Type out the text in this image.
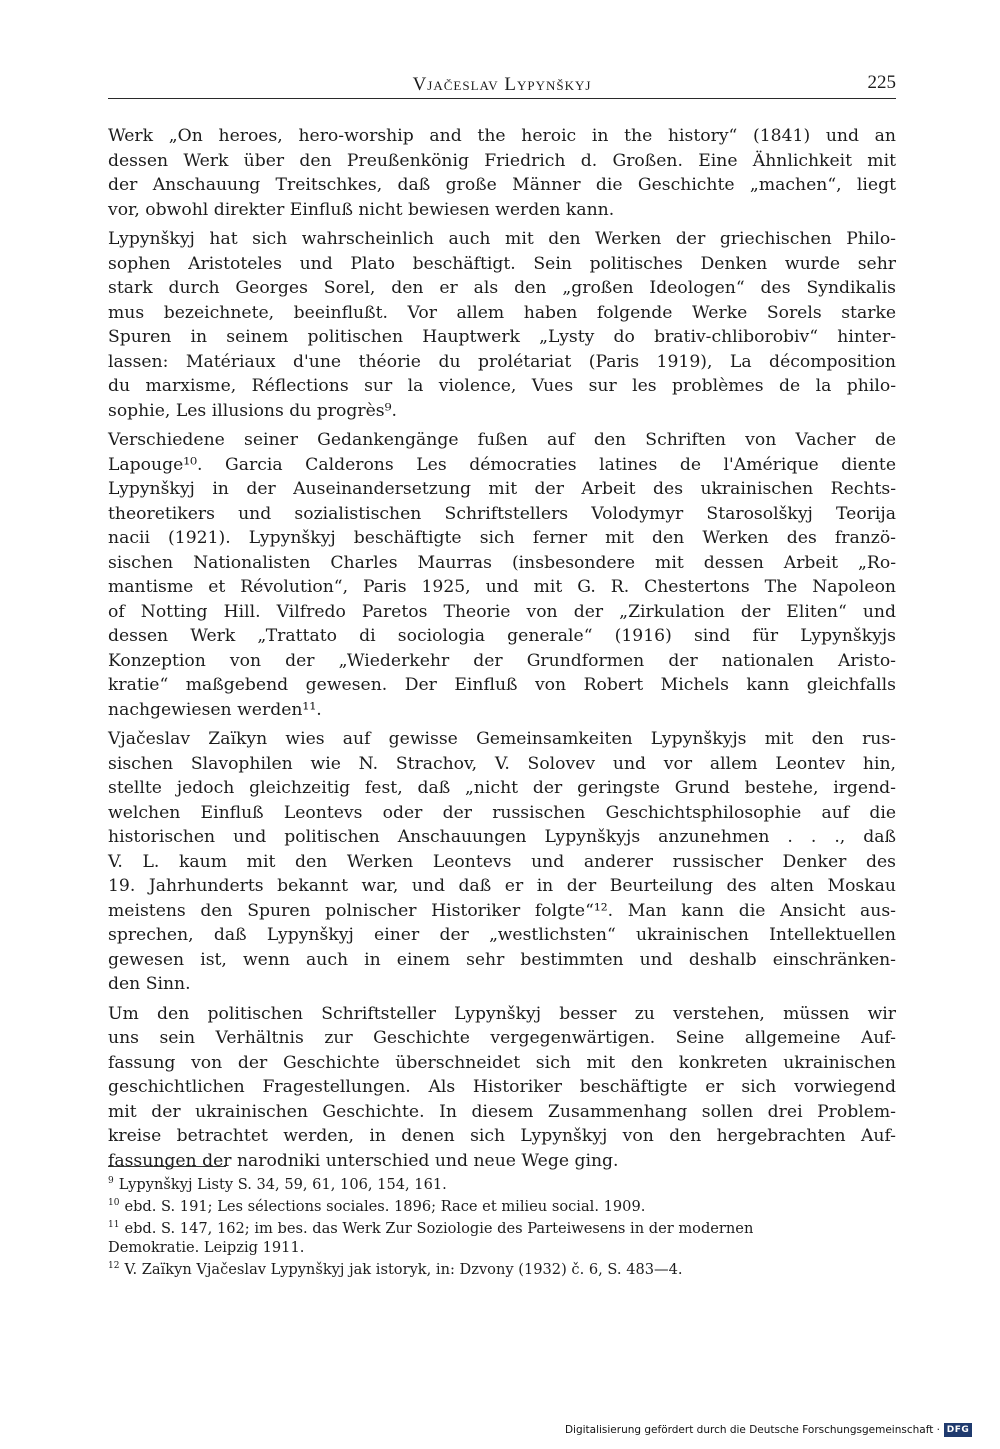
Vjačeslav Lypynškyj	225
Werk „On heroes, hero-worship and the heroic in the history“ (1841) und an
dessen Werk über den Preußenkönig Friedrich d. Großen. Eine Ähnlichkeit mit
der Anschauung Treitschkes, daß große Männer die Geschichte „machen“, liegt
vor, obwohl direkter Einfluß nicht bewiesen werden kann.
Lypynškyj hat sich wahrscheinlich auch mit den Werken der griechischen Philo-
sophen Aristoteles und Plato beschäftigt. Sein politisches Denken wurde sehr
stark durch Georges Sorel, den er als den „großen Ideologen“ des Syndikalis
mus bezeichnete, beeinflußt. Vor allem haben folgende Werke Sorels starke
Spuren in seinem politischen Hauptwerk „Lysty do brativ-chliborobiv“ hinter-
lassen: Matériaux d'une théorie du prolétariat (Paris 1919), La décomposition
du marxisme, Réflections sur la violence, Vues sur les problèmes de la philo-
sophie, Les illusions du progrès⁹.
Verschiedene seiner Gedankengänge fußen auf den Schriften von Vacher de
Lapouge¹⁰. Garcia Calderons Les démocraties latines de l'Amérique diente
Lypynškyj in der Auseinandersetzung mit der Arbeit des ukrainischen Rechts-
theoretikers und sozialistischen Schriftstellers Volodymyr Starosolškyj Teorija
nacii (1921). Lypynškyj beschäftigte sich ferner mit den Werken des franzö-
sischen Nationalisten Charles Maurras (insbesondere mit dessen Arbeit „Ro-
mantisme et Révolution“, Paris 1925, und mit G. R. Chestertons The Napoleon
of Notting Hill. Vilfredo Paretos Theorie von der „Zirkulation der Eliten“ und
dessen Werk „Trattato di sociologia generale“ (1916) sind für Lypynškyjs
Konzeption von der „Wiederkehr der Grundformen der nationalen Aristo-
kratie“ maßgebend gewesen. Der Einfluß von Robert Michels kann gleichfalls
nachgewiesen werden¹¹.
Vjačeslav Zaïkyn wies auf gewisse Gemeinsamkeiten Lypynškyjs mit den rus-
sischen Slavophilen wie N. Strachov, V. Solovev und vor allem Leontev hin,
stellte jedoch gleichzeitig fest, daß „nicht der geringste Grund bestehe, irgend-
welchen Einfluß Leontevs oder der russischen Geschichtsphilosophie auf die
historischen und politischen Anschauungen Lypynškyjs anzunehmen . . ., daß
V. L. kaum mit den Werken Leontevs und anderer russischer Denker des
19. Jahrhunderts bekannt war, und daß er in der Beurteilung des alten Moskau
meistens den Spuren polnischer Historiker folgte“¹². Man kann die Ansicht aus-
sprechen, daß Lypynškyj einer der „westlichsten“ ukrainischen Intellektuellen
gewesen ist, wenn auch in einem sehr bestimmten und deshalb einschränken-
den Sinn.
Um den politischen Schriftsteller Lypynškyj besser zu verstehen, müssen wir
uns sein Verhältnis zur Geschichte vergegenwärtigen. Seine allgemeine Auf-
fassung von der Geschichte überschneidet sich mit den konkreten ukrainischen
geschichtlichen Fragestellungen. Als Historiker beschäftigte er sich vorwiegend
mit der ukrainischen Geschichte. In diesem Zusammenhang sollen drei Problem-
kreise betrachtet werden, in denen sich Lypynškyj von den hergebrachten Auf-
fassungen der narodniki unterschied und neue Wege ging.
$^9$ Lypynškyj Listy S. 34, 59, 61, 106, 154, 161.
$^{10}$ ebd. S. 191; Les sélections sociales. 1896; Race et milieu social. 1909.
$^{11}$ ebd. S. 147, 162; im bes. das Werk Zur Soziologie des Parteiwesens in der modernen
Demokratie. Leipzig 1911.
$^{12}$ V. Zaïkyn Vjačeslav Lypynškyj jak istoryk, in: Dzvony (1932) č. 6, S. 483—4.
Digitalisierung gefördert durch die Deutsche Forschungsgemeinschaft · DFG
